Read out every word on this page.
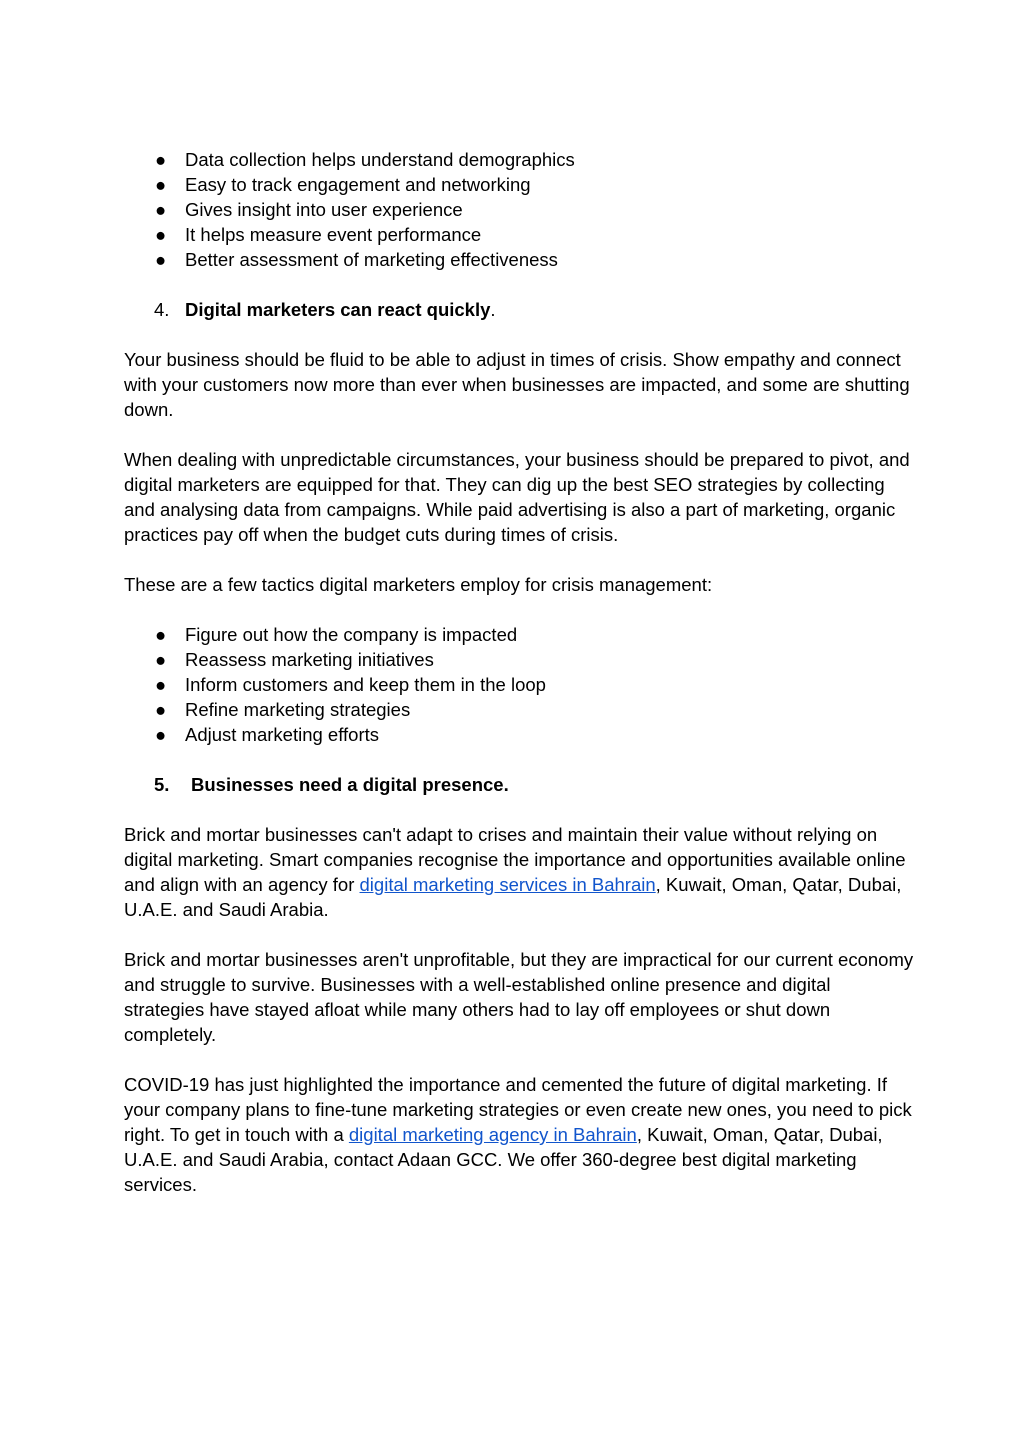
● Data collection helps understand demographics
● Easy to track engagement and networking
● Gives insight into user experience
● It helps measure event performance
● Better assessment of marketing effectiveness
4. Digital marketers can react quickly.

Your business should be fluid to be able to adjust in times of crisis. Show empathy and connect with your customers now more than ever when businesses are impacted, and some are shutting down.

When dealing with unpredictable circumstances, your business should be prepared to pivot, and digital marketers are equipped for that. They can dig up the best SEO strategies by collecting and analysing data from campaigns. While paid advertising is also a part of marketing, organic practices pay off when the budget cuts during times of crisis.

These are a few tactics digital marketers employ for crisis management:

● Figure out how the company is impacted
● Reassess marketing initiatives
● Inform customers and keep them in the loop
● Refine marketing strategies
● Adjust marketing efforts
5. Businesses need a digital presence.

Brick and mortar businesses can't adapt to crises and maintain their value without relying on digital marketing. Smart companies recognise the importance and opportunities available online and align with an agency for digital marketing services in Bahrain, Kuwait, Oman, Qatar, Dubai, U.A.E. and Saudi Arabia.

Brick and mortar businesses aren't unprofitable, but they are impractical for our current economy and struggle to survive. Businesses with a well-established online presence and digital strategies have stayed afloat while many others had to lay off employees or shut down completely.

COVID-19 has just highlighted the importance and cemented the future of digital marketing. If your company plans to fine-tune marketing strategies or even create new ones, you need to pick right. To get in touch with a digital marketing agency in Bahrain, Kuwait, Oman, Qatar, Dubai, U.A.E. and Saudi Arabia, contact Adaan GCC. We offer 360-degree best digital marketing services.
